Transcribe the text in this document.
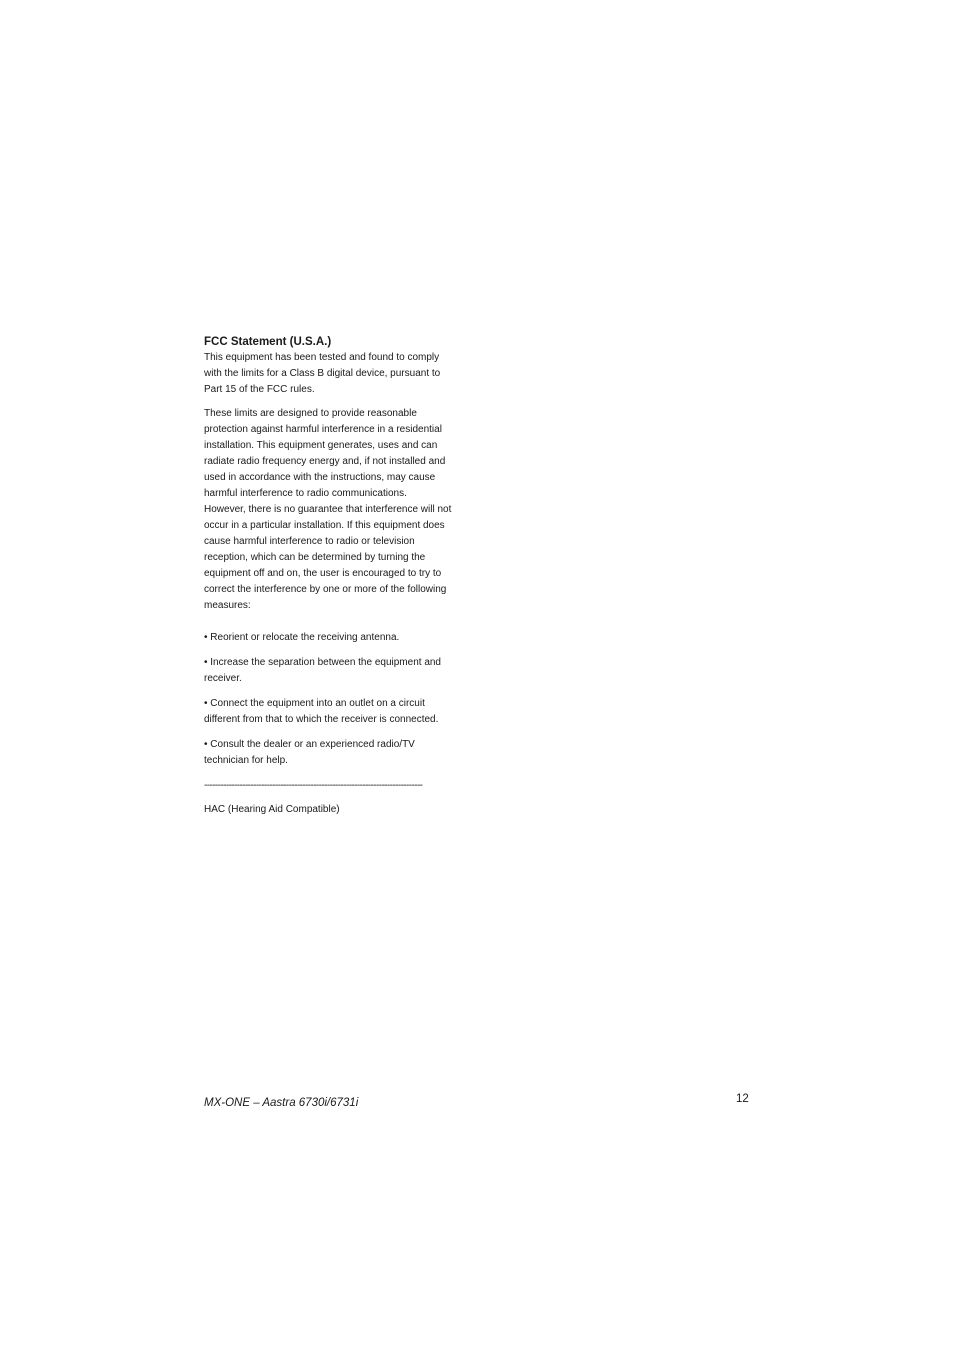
FCC Statement (U.S.A.)

This equipment has been tested and found to comply
with the limits for a Class B digital device, pursuant to
Part 15 of the FCC rules.

These limits are designed to provide reasonable
protection against harmful interference in a residential
installation. This equipment generates, uses and can
radiate radio frequency energy and, if not installed and
used in accordance with the instructions, may cause
harmful interference to radio communications.
However, there is no guarantee that interference will not
occur in a particular installation. If this equipment does
cause harmful interference to radio or television
reception, which can be determined by turning the
equipment off and on, the user is encouraged to try to
correct the interference by one or more of the following
measures:

• Reorient or relocate the receiving antenna.

• Increase the separation between the equipment and
receiver.

• Connect the equipment into an outlet on a circuit
different from that to which the receiver is connected.

• Consult the dealer or an experienced radio/TV
technician for help.

--------------------------------------------------------------------------------

HAC (Hearing Aid Compatible)

MX-ONE – Aastra 6730i/6731i	12
